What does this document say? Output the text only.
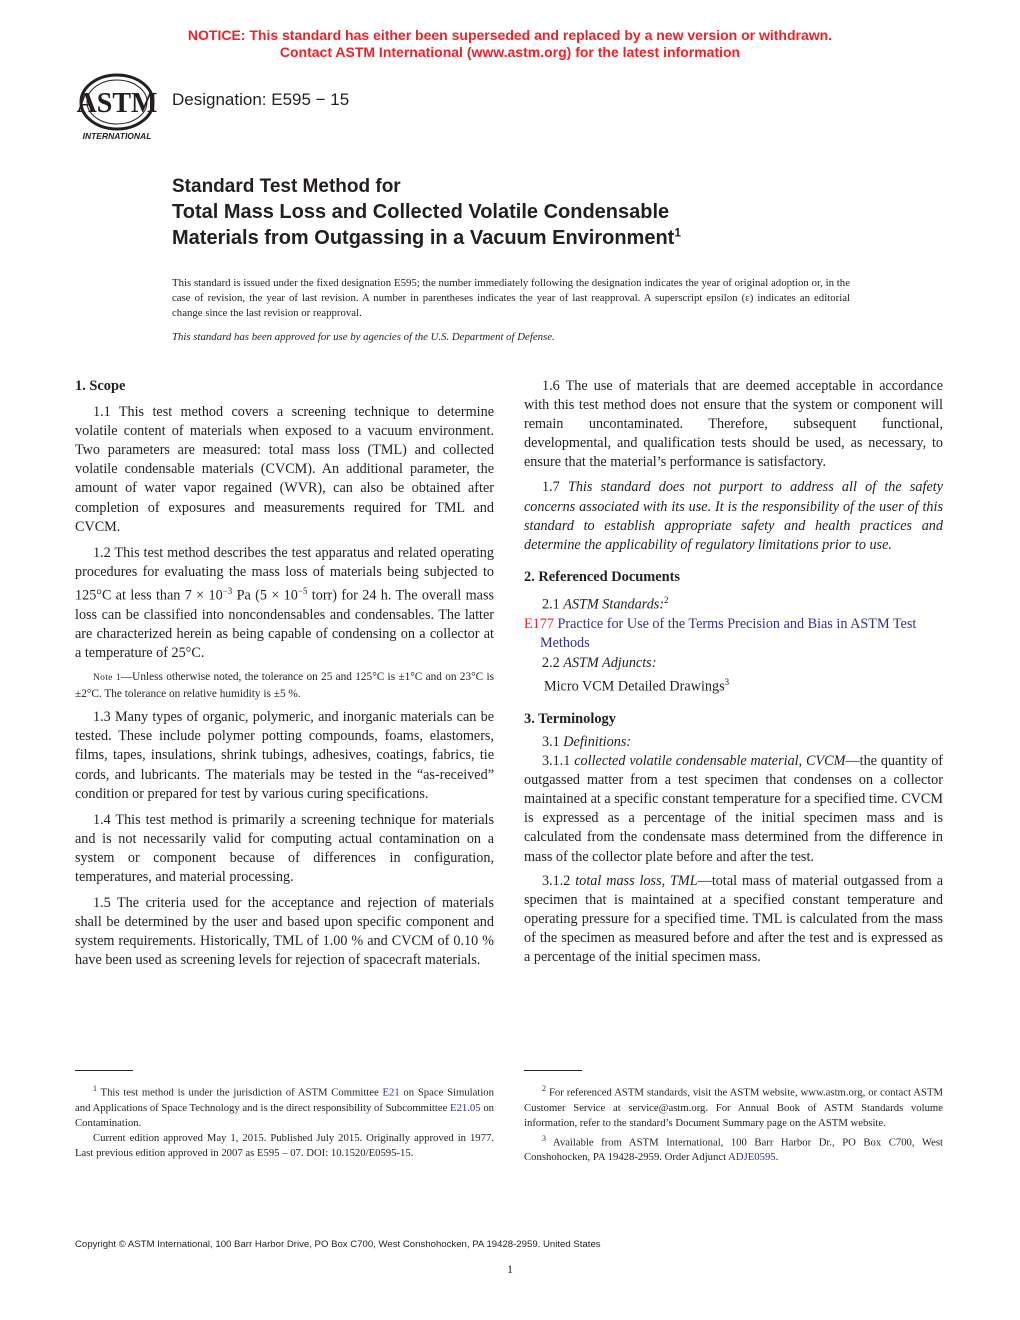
NOTICE: This standard has either been superseded and replaced by a new version or withdrawn.
Contact ASTM International (www.astm.org) for the latest information
ASTM
INTERNATIONAL
Designation: E595 − 15
Standard Test Method for
Total Mass Loss and Collected Volatile Condensable
Materials from Outgassing in a Vacuum Environment$^1$
This standard is issued under the fixed designation E595; the number immediately following the designation indicates the year of original adoption or, in the case of revision, the year of last revision. A number in parentheses indicates the year of last reapproval. A superscript epsilon (ε) indicates an editorial change since the last revision or reapproval.
This standard has been approved for use by agencies of the U.S. Department of Defense.
1. Scope

1.1 This test method covers a screening technique to determine volatile content of materials when exposed to a vacuum environment. Two parameters are measured: total mass loss (TML) and collected volatile condensable materials (CVCM). An additional parameter, the amount of water vapor regained (WVR), can also be obtained after completion of exposures and measurements required for TML and CVCM.

1.2 This test method describes the test apparatus and related operating procedures for evaluating the mass loss of materials being subjected to 125°C at less than $7 \times 10^{-3}$ Pa ($5 \times 10^{-5}$ torr) for 24 h. The overall mass loss can be classified into noncondensables and condensables. The latter are characterized herein as being capable of condensing on a collector at a temperature of 25°C.

Note 1—Unless otherwise noted, the tolerance on 25 and 125°C is ±1°C and on 23°C is ±2°C. The tolerance on relative humidity is ±5 %.

1.3 Many types of organic, polymeric, and inorganic materials can be tested. These include polymer potting compounds, foams, elastomers, films, tapes, insulations, shrink tubings, adhesives, coatings, fabrics, tie cords, and lubricants. The materials may be tested in the “as-received” condition or prepared for test by various curing specifications.

1.4 This test method is primarily a screening technique for materials and is not necessarily valid for computing actual contamination on a system or component because of differences in configuration, temperatures, and material processing.

1.5 The criteria used for the acceptance and rejection of materials shall be determined by the user and based upon specific component and system requirements. Historically, TML of 1.00 % and CVCM of 0.10 % have been used as screening levels for rejection of spacecraft materials.

1.6 The use of materials that are deemed acceptable in accordance with this test method does not ensure that the system or component will remain uncontaminated. Therefore, subsequent functional, developmental, and qualification tests should be used, as necessary, to ensure that the material’s performance is satisfactory.

1.7 This standard does not purport to address all of the safety concerns associated with its use. It is the responsibility of the user of this standard to establish appropriate safety and health practices and determine the applicability of regulatory limitations prior to use.

2. Referenced Documents

2.1 ASTM Standards:$^2$

E177 Practice for Use of the Terms Precision and Bias in ASTM Test Methods

2.2 ASTM Adjuncts:

Micro VCM Detailed Drawings$^3$
3. Terminology

3.1 Definitions:

3.1.1 collected volatile condensable material, CVCM—the quantity of outgassed matter from a test specimen that condenses on a collector maintained at a specific constant temperature for a specified time. CVCM is expressed as a percentage of the initial specimen mass and is calculated from the condensate mass determined from the difference in mass of the collector plate before and after the test.

3.1.2 total mass loss, TML—total mass of material outgassed from a specimen that is maintained at a specified constant temperature and operating pressure for a specified time. TML is calculated from the mass of the specimen as measured before and after the test and is expressed as a percentage of the initial specimen mass.

$^1$ This test method is under the jurisdiction of ASTM Committee E21 on Space Simulation and Applications of Space Technology and is the direct responsibility of Subcommittee E21.05 on Contamination.

Current edition approved May 1, 2015. Published July 2015. Originally approved in 1977. Last previous edition approved in 2007 as E595 – 07. DOI: 10.1520/E0595-15.

$^2$ For referenced ASTM standards, visit the ASTM website, www.astm.org, or contact ASTM Customer Service at service@astm.org. For Annual Book of ASTM Standards volume information, refer to the standard’s Document Summary page on the ASTM website.

$^3$ Available from ASTM International, 100 Barr Harbor Dr., PO Box C700, West Conshohocken, PA 19428-2959. Order Adjunct ADJE0595.

Copyright © ASTM International, 100 Barr Harbor Drive, PO Box C700, West Conshohocken, PA 19428-2959. United States
1
